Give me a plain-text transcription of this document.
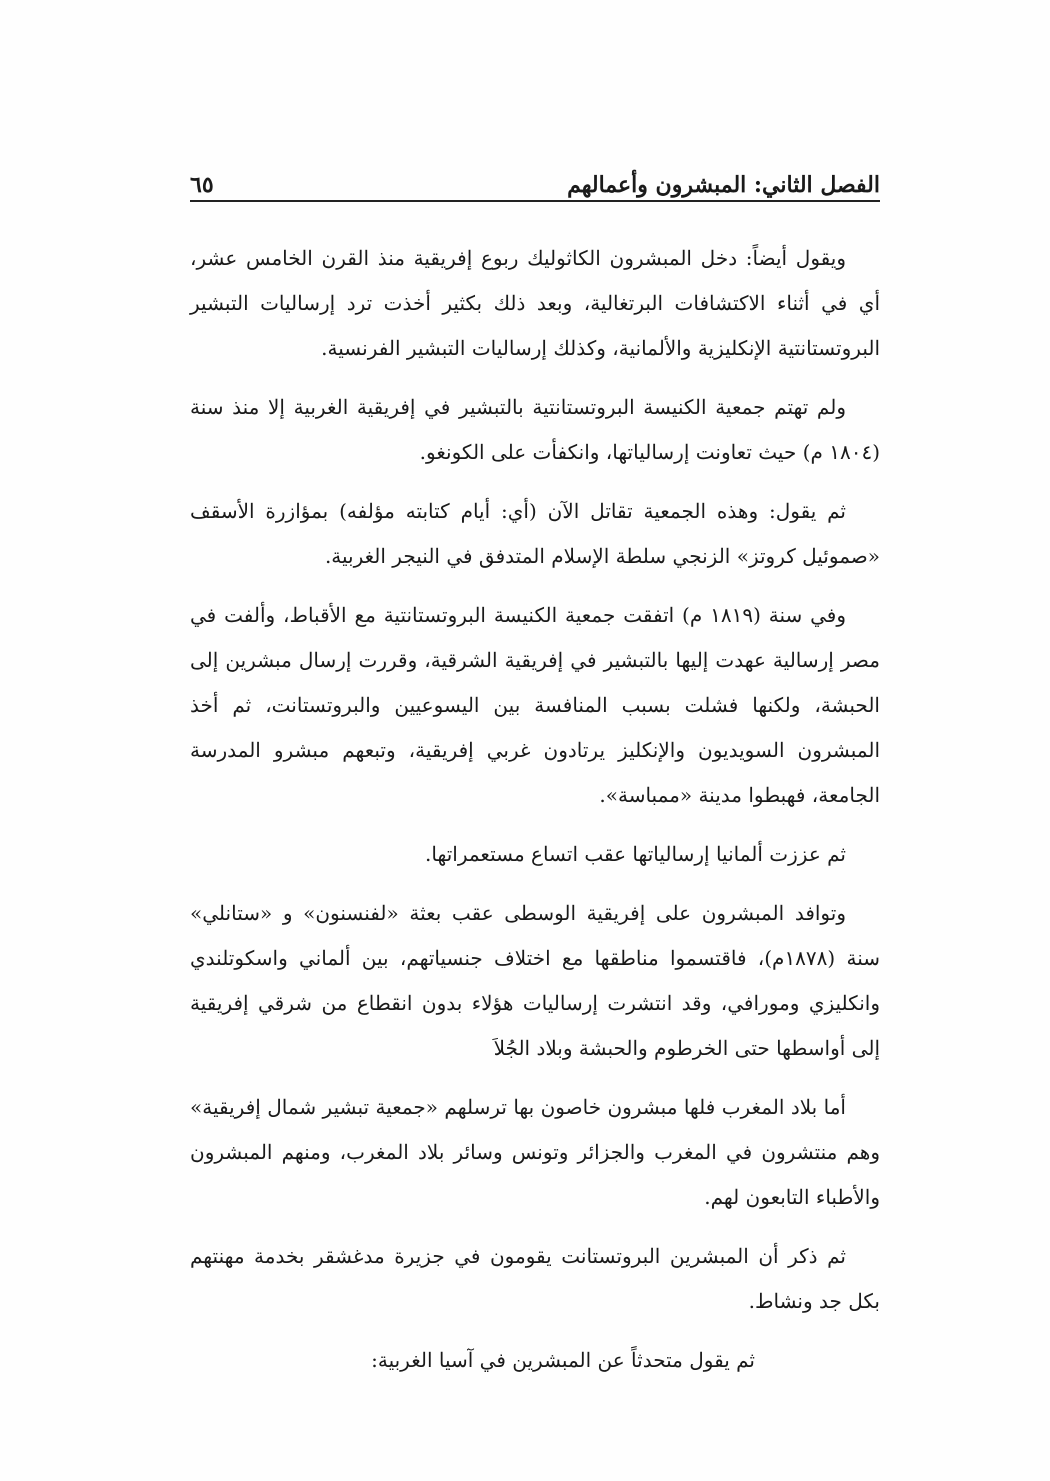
الفصل الثاني: المبشرون وأعمالهم
٦٥

ويقول أيضاً: دخل المبشرون الكاثوليك ربوع إفريقية منذ القرن الخامس عشر، أي في أثناء الاكتشافات البرتغالية، وبعد ذلك بكثير أخذت ترد إرساليات التبشير البروتستانتية الإنكليزية والألمانية، وكذلك إرساليات التبشير الفرنسية.

ولم تهتم جمعية الكنيسة البروتستانتية بالتبشير في إفريقية الغربية إلا منذ سنة (١٨٠٤ م) حيث تعاونت إرسالياتها، وانكفأت على الكونغو.

ثم يقول: وهذه الجمعية تقاتل الآن (أي: أيام كتابته مؤلفه) بمؤازرة الأسقف «صموئيل كروتز» الزنجي سلطة الإسلام المتدفق في النيجر الغربية.

وفي سنة (١٨١٩ م) اتفقت جمعية الكنيسة البروتستانتية مع الأقباط، وألفت في مصر إرسالية عهدت إليها بالتبشير في إفريقية الشرقية، وقررت إرسال مبشرين إلى الحبشة، ولكنها فشلت بسبب المنافسة بين اليسوعيين والبروتستانت، ثم أخذ المبشرون السويديون والإنكليز يرتادون غربي إفريقية، وتبعهم مبشرو المدرسة الجامعة، فهبطوا مدينة «ممباسة».

ثم عززت ألمانيا إرسالياتها عقب اتساع مستعمراتها.

وتوافد المبشرون على إفريقية الوسطى عقب بعثة «لفنسنون» و «ستانلي» سنة (١٨٧٨م)، فاقتسموا مناطقها مع اختلاف جنسياتهم، بين ألماني واسكوتلندي وانكليزي ومورافي، وقد انتشرت إرساليات هؤلاء بدون انقطاع من شرقي إفريقية إلى أواسطها حتى الخرطوم والحبشة وبلاد الجُلاَ

أما بلاد المغرب فلها مبشرون خاصون بها ترسلهم «جمعية تبشير شمال إفريقية» وهم منتشرون في المغرب والجزائر وتونس وسائر بلاد المغرب، ومنهم المبشرون والأطباء التابعون لهم.

ثم ذكر أن المبشرين البروتستانت يقومون في جزيرة مدغشقر بخدمة مهنتهم بكل جد ونشاط.

ثم يقول متحدثاً عن المبشرين في آسيا الغربية:
